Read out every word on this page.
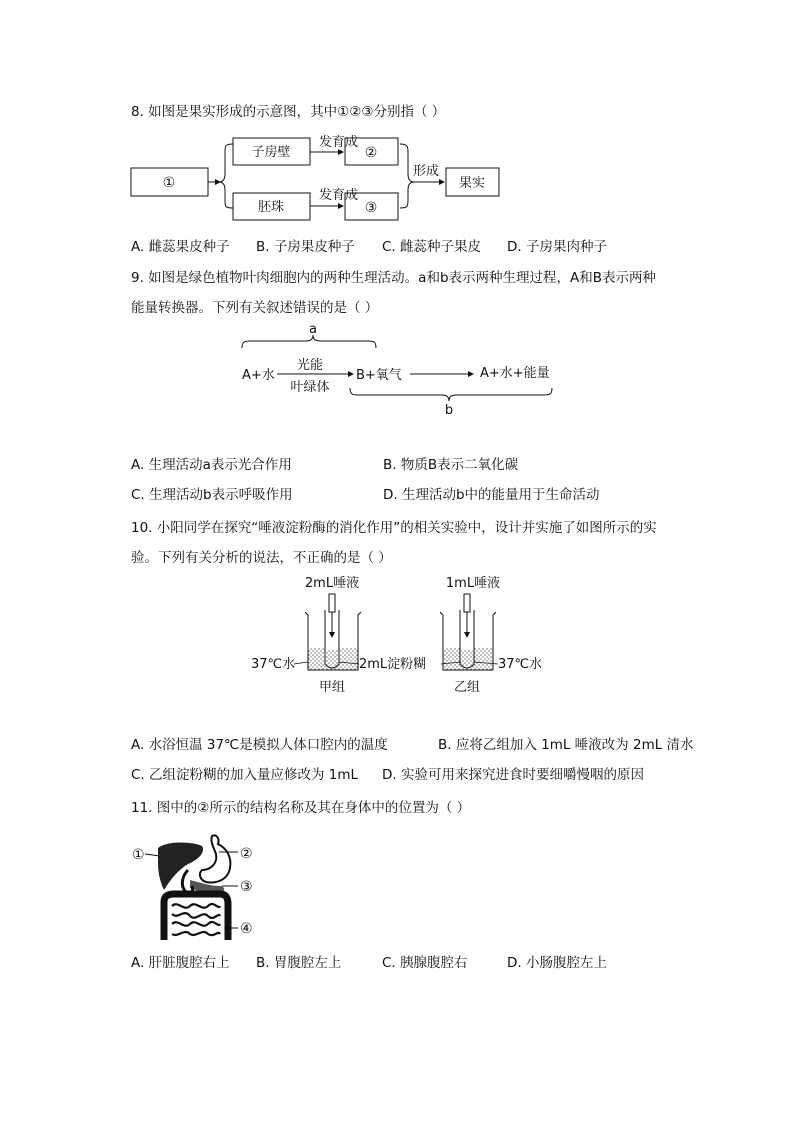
8. 如图是果实形成的示意图，其中①②③分别指（ ）
①
子房壁
胚珠
发育成
发育成
②
③
形成
果实
A. 雌蕊果皮种子 B. 子房果皮种子 C. 雌蕊种子果皮 D. 子房果肉种子
9. 如图是绿色植物叶肉细胞内的两种生理活动。a和b表示两种生理过程，A和B表示两种
能量转换器。下列有关叙述错误的是（ ）
a
A+水
光能
叶绿体
B+氧气	A+水+能量
b
A. 生理活动a表示光合作用	B. 物质B表示二氧化碳
C. 生理活动b表示呼吸作用	D. 生理活动b中的能量用于生命活动
10. 小阳同学在探究“唾液淀粉酶的消化作用”的相关实验中，设计并实施了如图所示的实
验。下列有关分析的说法，不正确的是（ ）
2mL唾液	1mL唾液
37℃水	2mL淀粉糊	37℃水
甲组	乙组
A. 水浴恒温 37℃是模拟人体口腔内的温度	B. 应将乙组加入 1mL 唾液改为 2mL 清水
C. 乙组淀粉糊的加入量应修改为 1mL D. 实验可用来探究进食时要细嚼慢咽的原因
11. 图中的②所示的结构名称及其在身体中的位置为（ ）
①	②
③
④
A. 肝脏腹腔右上 B. 胃腹腔左上	C. 胰腺腹腔右	D. 小肠腹腔左上
